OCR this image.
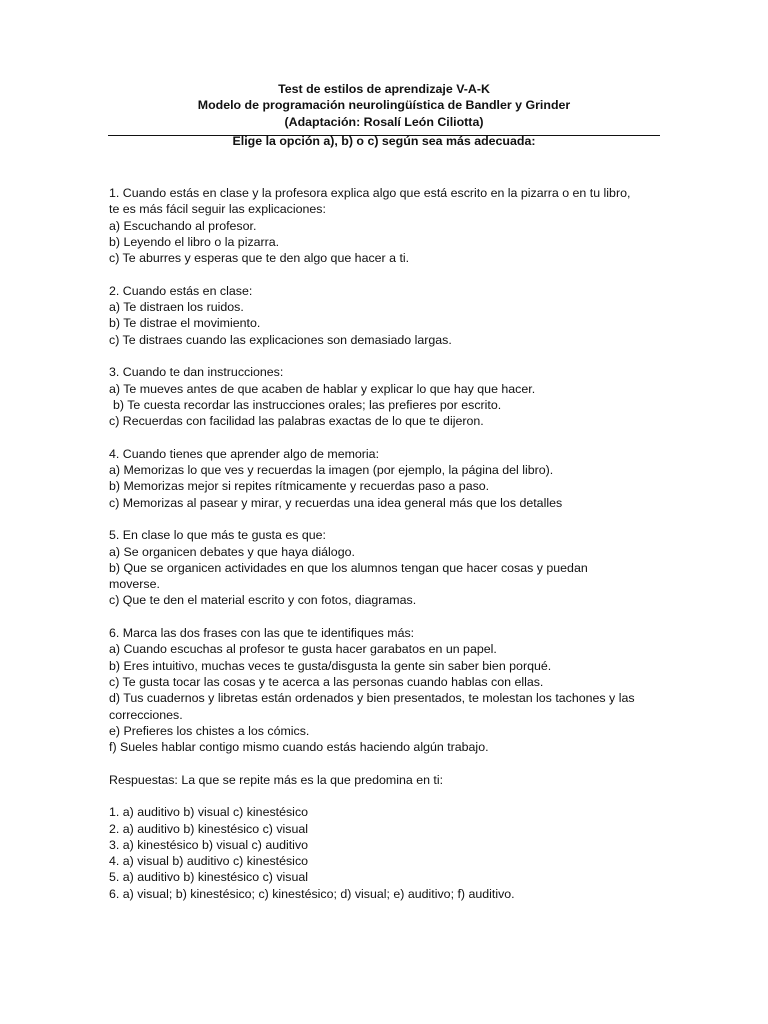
Test de estilos de aprendizaje V-A-K
Modelo de programación neurolingüística de Bandler y Grinder
(Adaptación: Rosalí León Ciliotta)
Elige la opción a), b) o c) según sea más adecuada:
1. Cuando estás en clase y la profesora explica algo que está escrito en la pizarra o en tu libro,
te es más fácil seguir las explicaciones:
a) Escuchando al profesor.
b) Leyendo el libro o la pizarra.
c) Te aburres y esperas que te den algo que hacer a ti.
2. Cuando estás en clase:
a) Te distraen los ruidos.
b) Te distrae el movimiento.
c) Te distraes cuando las explicaciones son demasiado largas.
3. Cuando te dan instrucciones:
a) Te mueves antes de que acaben de hablar y explicar lo que hay que hacer.
b) Te cuesta recordar las instrucciones orales; las prefieres por escrito.
c) Recuerdas con facilidad las palabras exactas de lo que te dijeron.
4. Cuando tienes que aprender algo de memoria:
a) Memorizas lo que ves y recuerdas la imagen (por ejemplo, la página del libro).
b) Memorizas mejor si repites rítmicamente y recuerdas paso a paso.
c) Memorizas al pasear y mirar, y recuerdas una idea general más que los detalles
5. En clase lo que más te gusta es que:
a) Se organicen debates y que haya diálogo.
b) Que se organicen actividades en que los alumnos tengan que hacer cosas y puedan
moverse.
c) Que te den el material escrito y con fotos, diagramas.
6. Marca las dos frases con las que te identifiques más:
a) Cuando escuchas al profesor te gusta hacer garabatos en un papel.
b) Eres intuitivo, muchas veces te gusta/disgusta la gente sin saber bien porqué.
c) Te gusta tocar las cosas y te acerca a las personas cuando hablas con ellas.
d) Tus cuadernos y libretas están ordenados y bien presentados, te molestan los tachones y las
correcciones.
e) Prefieres los chistes a los cómics.
f) Sueles hablar contigo mismo cuando estás haciendo algún trabajo.
Respuestas: La que se repite más es la que predomina en ti:
1. a) auditivo b) visual c) kinestésico
2. a) auditivo b) kinestésico c) visual
3. a) kinestésico b) visual c) auditivo
4. a) visual b) auditivo c) kinestésico
5. a) auditivo b) kinestésico c) visual
6. a) visual; b) kinestésico; c) kinestésico; d) visual; e) auditivo; f) auditivo.
